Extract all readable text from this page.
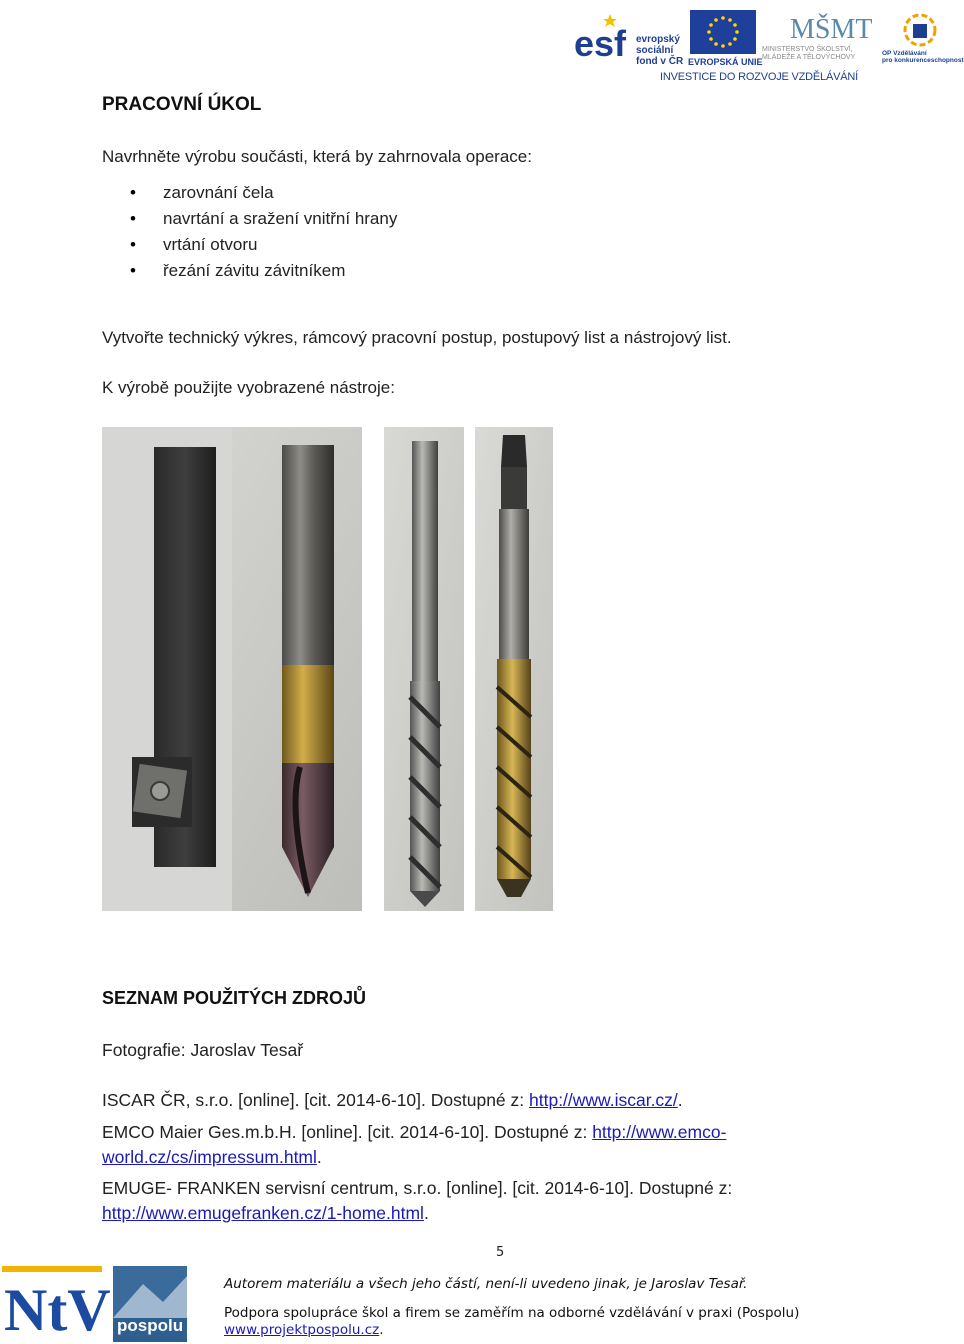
esf evropský
sociální
fond v ČR EVROPSKÁ UNIE
MŠMT
MINISTERSTVO ŠKOLSTVÍ,
MLÁDEŽE A TĚLOVÝCHOVY
OP Vzdělávání
pro konkurenceschopnost
INVESTICE DO ROZVOJE VZDĚLÁVÁNÍ
PRACOVNÍ ÚKOL

Navrhněte výrobu součásti, která by zahrnovala operace:

• zarovnání čela
• navrtání a sražení vnitřní hrany
• vrtání otvoru
• řezání závitu závitníkem

Vytvořte technický výkres, rámcový pracovní postup, postupový list a nástrojový list.

K výrobě použijte vyobrazené nástroje:

SEZNAM POUŽITÝCH ZDROJŮ

Fotografie: Jaroslav Tesař

ISCAR ČR, s.r.o. [online]. [cit. 2014-6-10]. Dostupné z: http://www.iscar.cz/.

EMCO Maier Ges.m.b.H. [online]. [cit. 2014-6-10]. Dostupné z: http://www.emco-
world.cz/cs/impressum.html.

EMUGE- FRANKEN servisní centrum, s.r.o. [online]. [cit. 2014-6-10]. Dostupné z:
http://www.emugefranken.cz/1-home.html.

5
NtV pospolu
Autorem materiálu a všech jeho částí, není-li uvedeno jinak, je Jaroslav Tesař.
Podpora spolupráce škol a firem se zaměřím na odborné vzdělávání v praxi (Pospolu)
www.projektpospolu.cz.
